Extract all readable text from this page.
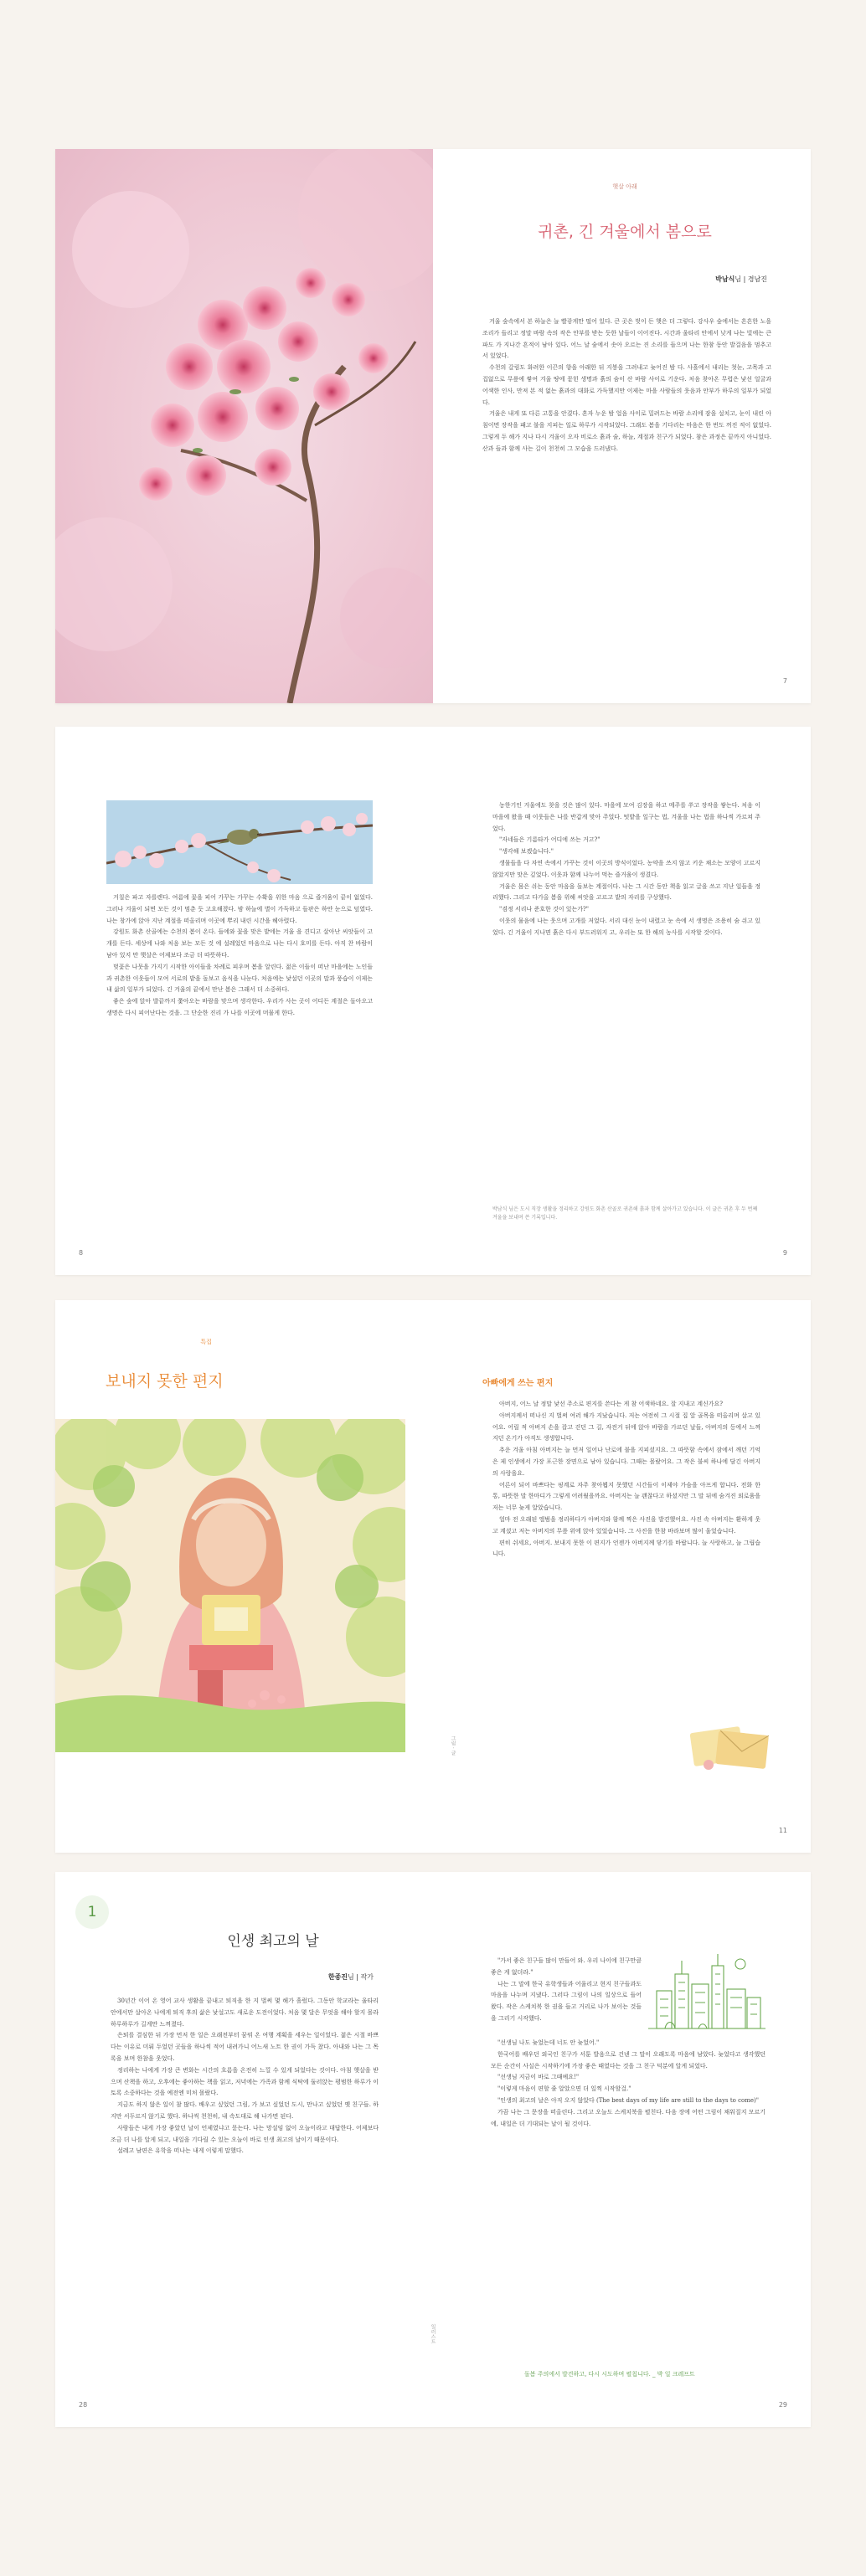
햇살 아래
귀촌, 긴 겨울에서 봄으로
박남식님 | 경남진

겨울 숲속에서 본 하늘은 늘 빨갛게만 떨어 있다. 큰 곳은 벚이 든 햇은 더 그렇다. 강사우 숲에서는 흔흔한 노을조리가 들리고 정말 바람 속의 작은 안부를 받는 듯한 날들이 이어진다. 시간과 울타리 안에서 낮게 나는 빛에는 큰 파도 가 지나간 흔적이 남아 있다. 어느 날 숲에서 솟아 오르는 진 소리를 들으며 나는 한참 동안 발걸음을 멈추고 서 있었다.

수천의 갈림도 화려한 이끈의 향을 아래한 뒤 지붕을 그려내고 늦어진 밤 다. 사흘에서 내리는 첫눈, 고목과 고집없으로 무릎에 쌓여 겨울 땅에 묻힌 생명과 흙의 숨이 산 바람 사이로 기운다. 처음 찾아온 무렵은 낯선 얼굴과 어색한 인사, 만져 본 적 없는 흙과의 대화로 가득했지만 이제는 마을 사람들의 웃음과 안부가 하루의 일부가 되었다.

겨울은 내게 또 다른 고통을 안겼다. 혼자 누운 밤 얼음 사이로 밀려드는 바람 소리에 잠을 설치고, 눈이 내린 아침이면 장작을 패고 불을 지피는 일로 하루가 시작되었다. 그래도 봄을 기다리는 마음은 한 번도 꺼진 적이 없었다. 그렇게 두 해가 지나 다시 겨울이 오자 비로소 흙과 술, 하늘, 계절과 친구가 되었다. 참은 과정은 끝까지 아니었다. 산과 들과 함께 사는 길이 천천히 그 모습을 드러냈다.

7

거칠은 파고 자를렌다. 여름에 꽃을 피어 가꾸는 가꾸는 수확을 위한 마음 으로 즐거움이 끝이 없었다. 그러나 겨울이 되면 모든 것이 멈춘 듯 고요해졌다. 밤 하늘에 별이 가득하고 들판은 하얀 눈으로 덮였다. 나는 창가에 앉아 지난 계절을 떠올리며 이곳에 뿌리 내린 시간을 헤아렸다.

강원도 화촌 산골에는 수천의 봄이 온다. 들에와 꽃을 맞은 밭에는 겨울 을 견디고 살아난 씨앗들이 고개를 든다. 세상에 나와 처음 보는 모든 것 에 설레었던 마음으로 나는 다시 호미를 든다. 아직 찬 바람이 남아 있지 만 햇살은 어제보다 조금 더 따뜻하다.

벚꽃은 나뭇을 가지기 시작한 아이들을 차례로 피우며 봄을 알린다. 젊은 이들이 떠난 마을에는 노인들과 귀촌한 이웃들이 모여 서로의 밭을 돌보고 음식을 나눈다. 처음에는 낯설던 이곳의 말과 풍습이 이제는 내 삶의 일부가 되었다. 긴 겨울의 끝에서 만난 봄은 그래서 더 소중하다.

좋은 숲에 앉아 발끝까지 쫓아오는 바람을 맞으며 생각한다. 우리가 사는 곳이 어디든 계절은 돌아오고 생명은 다시 피어난다는 것을. 그 단순한 진리 가 나를 이곳에 머물게 한다.

농한기인 겨울에도 찾을 것은 많이 있다. 마을에 모여 김장을 하고 메주를 쑤고 장작을 쌓는다. 처음 이 마을에 왔을 때 이웃들은 나를 반갑게 맞아 주었다. 텃밭을 일구는 법, 겨울을 나는 법을 하나씩 가르쳐 주었다.

"자네들은 기름타가 어디에 쓰는 거고?"

"생각해 보겠습니다."

생물들을 다 자연 속에서 가꾸는 것이 이곳의 방식이었다. 농약을 쓰지 않고 키운 채소는 모양이 고르지 않았지만 맛은 깊었다. 이웃과 함께 나누어 먹는 즐거움이 생겼다.

겨울은 몸은 쉬는 동안 마음을 돌보는 계절이다. 나는 그 시간 동안 책을 읽고 글을 쓰고 지난 일들을 정리했다. 그리고 다가올 봄을 위해 씨앗을 고르고 밭의 자리를 구상했다.

"겸정 서리나 준호한 것이 있는가?"

이웃의 물음에 나는 웃으며 고개를 저었다. 서리 대신 눈이 내렸고 눈 속에 서 생명은 조용히 숨 쉬고 있었다. 긴 겨울이 지나면 흙은 다시 부드러워지 고, 우리는 또 한 해의 농사를 시작할 것이다.

박남식 님은 도시 직장 생활을 정리하고 강원도 화촌 산골로 귀촌해 흙과 함께 살아가고 있습니다. 이 글은 귀촌 후 두 번째 겨울을 보내며 쓴 기록입니다.
8	9
특집
보내지 못한 편지	아빠에게 쓰는 편지

아버지, 어느 날 정말 낯선 주소로 편지를 쓴다는 게 참 어색하네요. 잘 지내고 계신가요?

아버지께서 떠나신 지 벌써 여러 해가 지났습니다. 저는 여전히 그 시절 집 앞 골목을 떠올리며 살고 있어요. 어릴 적 아버지 손을 잡고 걷던 그 길, 자전거 뒤에 앉아 바람을 가르던 날들, 아버지의 등에서 느껴지던 온기가 아직도 생생합니다.

추운 겨울 아침 아버지는 늘 먼저 일어나 난로에 불을 지피셨지요. 그 따뜻함 속에서 잠에서 깨던 기억은 제 인생에서 가장 포근한 장면으로 남아 있습니다. 그때는 몰랐어요. 그 작은 불씨 하나에 담긴 아버지의 사랑을요.

어른이 되어 바쁘다는 핑계로 자주 찾아뵙지 못했던 시간들이 이제야 가슴을 아프게 합니다. 전화 한 통, 따뜻한 말 한마디가 그렇게 어려웠을까요. 아버지는 늘 괜찮다고 하셨지만 그 말 뒤에 숨겨진 외로움을 저는 너무 늦게 알았습니다.

얼마 전 오래된 앨범을 정리하다가 아버지와 함께 찍은 사진을 발견했어요. 사진 속 아버지는 환하게 웃고 계셨고 저는 아버지의 무릎 위에 앉아 있었습니다. 그 사진을 한참 바라보며 많이 울었습니다.

편히 쉬세요, 아버지. 보내지 못한 이 편지가 언젠가 아버지께 닿기를 바랍니다. 늘 사랑하고, 늘 그립습니다.

그림 · 글
11
1
인생 최고의 날
한종진님 | 작가

30년간 이어 온 영어 교사 생활을 끝내고 퇴직을 한 지 벌써 몇 해가 흘렀다. 그동안 학교라는 울타리 안에서만 살아온 나에게 퇴직 후의 삶은 낯설고도 새로운 도전이었다. 처음 몇 달은 무엇을 해야 할지 몰라 하루하루가 길게만 느껴졌다.

은퇴를 결심한 뒤 가장 먼저 한 일은 오래전부터 꿈꿔 온 여행 계획을 세우는 일이었다. 젊은 시절 바쁘다는 이유로 미뤄 두었던 곳들을 하나씩 적어 내려가니 어느새 노트 한 권이 가득 찼다. 아내와 나는 그 목록을 보며 한참을 웃었다.

정리하는 나에게 가장 큰 변화는 시간의 흐름을 온전히 느낄 수 있게 되었다는 것이다. 아침 햇살을 받으며 산책을 하고, 오후에는 좋아하는 책을 읽고, 저녁에는 가족과 함께 식탁에 둘러앉는 평범한 하루가 이토록 소중하다는 것을 예전엔 미처 몰랐다.

지금도 하지 않은 일이 참 많다. 배우고 싶었던 그림, 가 보고 싶었던 도시, 만나고 싶었던 옛 친구들. 하지만 서두르지 않기로 했다. 하나씩 천천히, 내 속도대로 해 나가면 된다.

사람들은 내게 가장 좋았던 날이 언제였냐고 묻는다. 나는 망설임 없이 오늘이라고 대답한다. 어제보다 조금 더 나를 알게 되고, 내일을 기다릴 수 있는 오늘이 바로 인생 최고의 날이기 때문이다.

설레고 남편은 유학을 떠나는 내게 이렇게 말했다.

"가서 좋은 친구들 많이 만들어 와. 우리 나이에 친구만큼 좋은 게 없더라."

나는 그 말에 한국 유학생들과 어울리고 현지 친구들과도 마음을 나누며 지냈다. 그러다 그림이 나의 일상으로 들어왔다. 작은 스케치북 한 권을 들고 거리로 나가 보이는 것들을 그리기 시작했다.

"선생님 나도 늦었는데 너도 안 늦었어."

한국어를 배우던 외국인 친구가 서툰 발음으로 건넨 그 말이 오래도록 마음에 남았다. 늦었다고 생각했던 모든 순간이 사실은 시작하기에 가장 좋은 때였다는 것을 그 친구 덕분에 알게 되었다.

"선생님 지금이 바로 그때예요!"

"이렇게 마음이 편할 줄 알았으면 더 일찍 시작할걸."

"인생의 최고의 날은 아직 오지 않았다 (The best days of my life are still to the days to come)"

가끔 나는 그 문장을 떠올린다. 그리고 오늘도 스케치북을 펼친다. 다음 장에 어떤 그림이 채워질지 모르기에, 내일은 더 기대되는 날이 될 것이다.

돌봄 주의에서 발견하고, 다시 시도하며 펼칩니다. _ 박 일 크레프트
일러스트
28	29
